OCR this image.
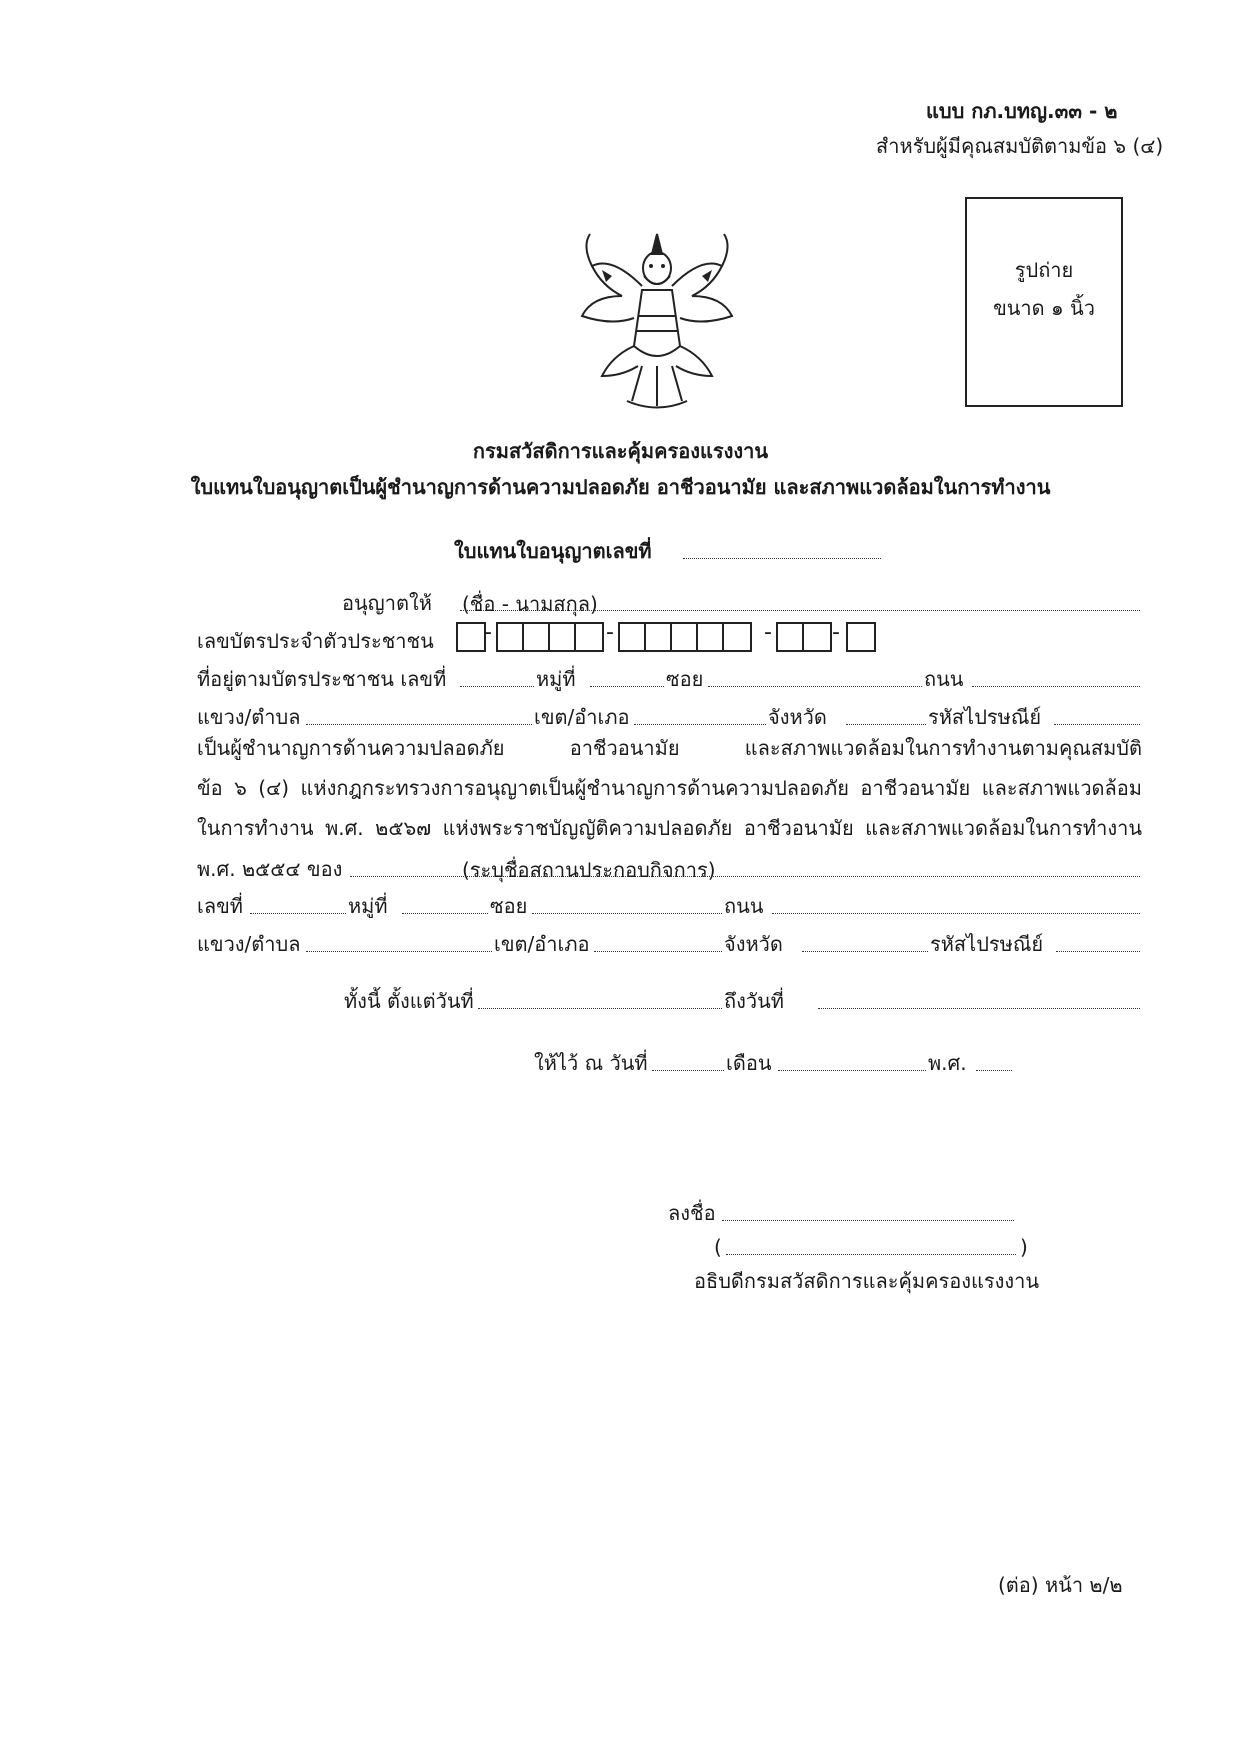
แบบ กภ.บทญ.๓๓ - ๒
สำหรับผู้มีคุณสมบัติตามข้อ ๖ (๔)
รูปถ่าย
ขนาด ๑ นิ้ว
กรมสวัสดิการและคุ้มครองแรงงาน
ใบแทนใบอนุญาตเป็นผู้ชำนาญการด้านความปลอดภัย อาชีวอนามัย และสภาพแวดล้อมในการทำงาน
ใบแทนใบอนุญาตเลขที่
อนุญาตให้ (ชื่อ - นามสกุล)
เลขบัตรประจำตัวประชาชน -	-	-	-
ที่อยู่ตามบัตรประชาชน เลขที่	หมู่ที่	ซอย	ถนน
แขวง/ตำบล	เขต/อำเภอ	จังหวัด	รหัสไปรษณีย์
เป็นผู้ชำนาญการด้านความปลอดภัย อาชีวอนามัย และสภาพแวดล้อมในการทำงานตามคุณสมบัติ
ข้อ ๖ (๔) แห่งกฎกระทรวงการอนุญาตเป็นผู้ชำนาญการด้านความปลอดภัย อาชีวอนามัย และสภาพแวดล้อม
ในการทำงาน พ.ศ. ๒๕๖๗ แห่งพระราชบัญญัติความปลอดภัย อาชีวอนามัย และสภาพแวดล้อมในการทำงาน
พ.ศ. ๒๕๕๔ ของ	(ระบุชื่อสถานประกอบกิจการ)
เลขที่	หมู่ที่	ซอย	ถนน
แขวง/ตำบล	เขต/อำเภอ	จังหวัด	รหัสไปรษณีย์
ทั้งนี้ ตั้งแต่วันที่	ถึงวันที่
ให้ไว้ ณ วันที่	เดือน	พ.ศ.
ลงชื่อ
(	)
อธิบดีกรมสวัสดิการและคุ้มครองแรงงาน
(ต่อ) หน้า ๒/๒
